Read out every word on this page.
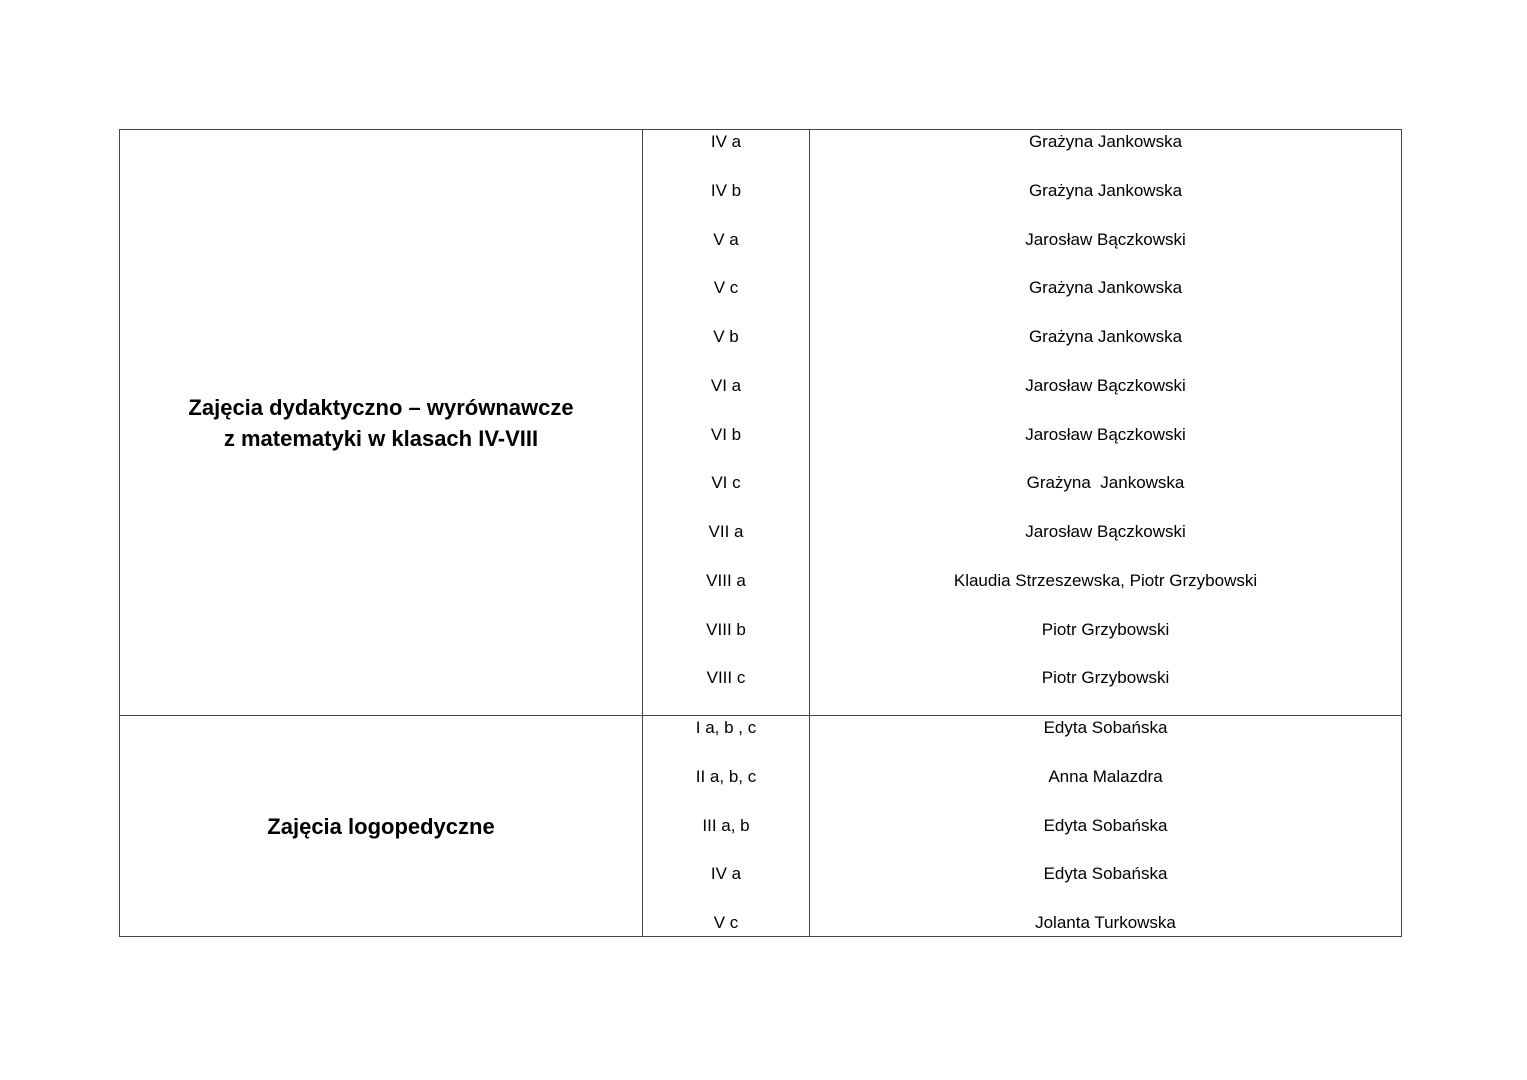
Zajęcia dydaktyczno – wyrównawcze
z matematyki w klasach IV-VIII
IV a
IV b
V a
V c
V b
VI a
VI b
VI c
VII a
VIII a
VIII b
VIII c
Grażyna Jankowska
Grażyna Jankowska
Jarosław Bączkowski
Grażyna Jankowska
Grażyna Jankowska
Jarosław Bączkowski
Jarosław Bączkowski
Grażyna  Jankowska
Jarosław Bączkowski
Klaudia Strzeszewska, Piotr Grzybowski
Piotr Grzybowski
Piotr Grzybowski
Zajęcia logopedyczne
I a, b , c
II a, b, c
III a, b
IV a
V c
Edyta Sobańska
Anna Malazdra
Edyta Sobańska
Edyta Sobańska
Jolanta Turkowska
